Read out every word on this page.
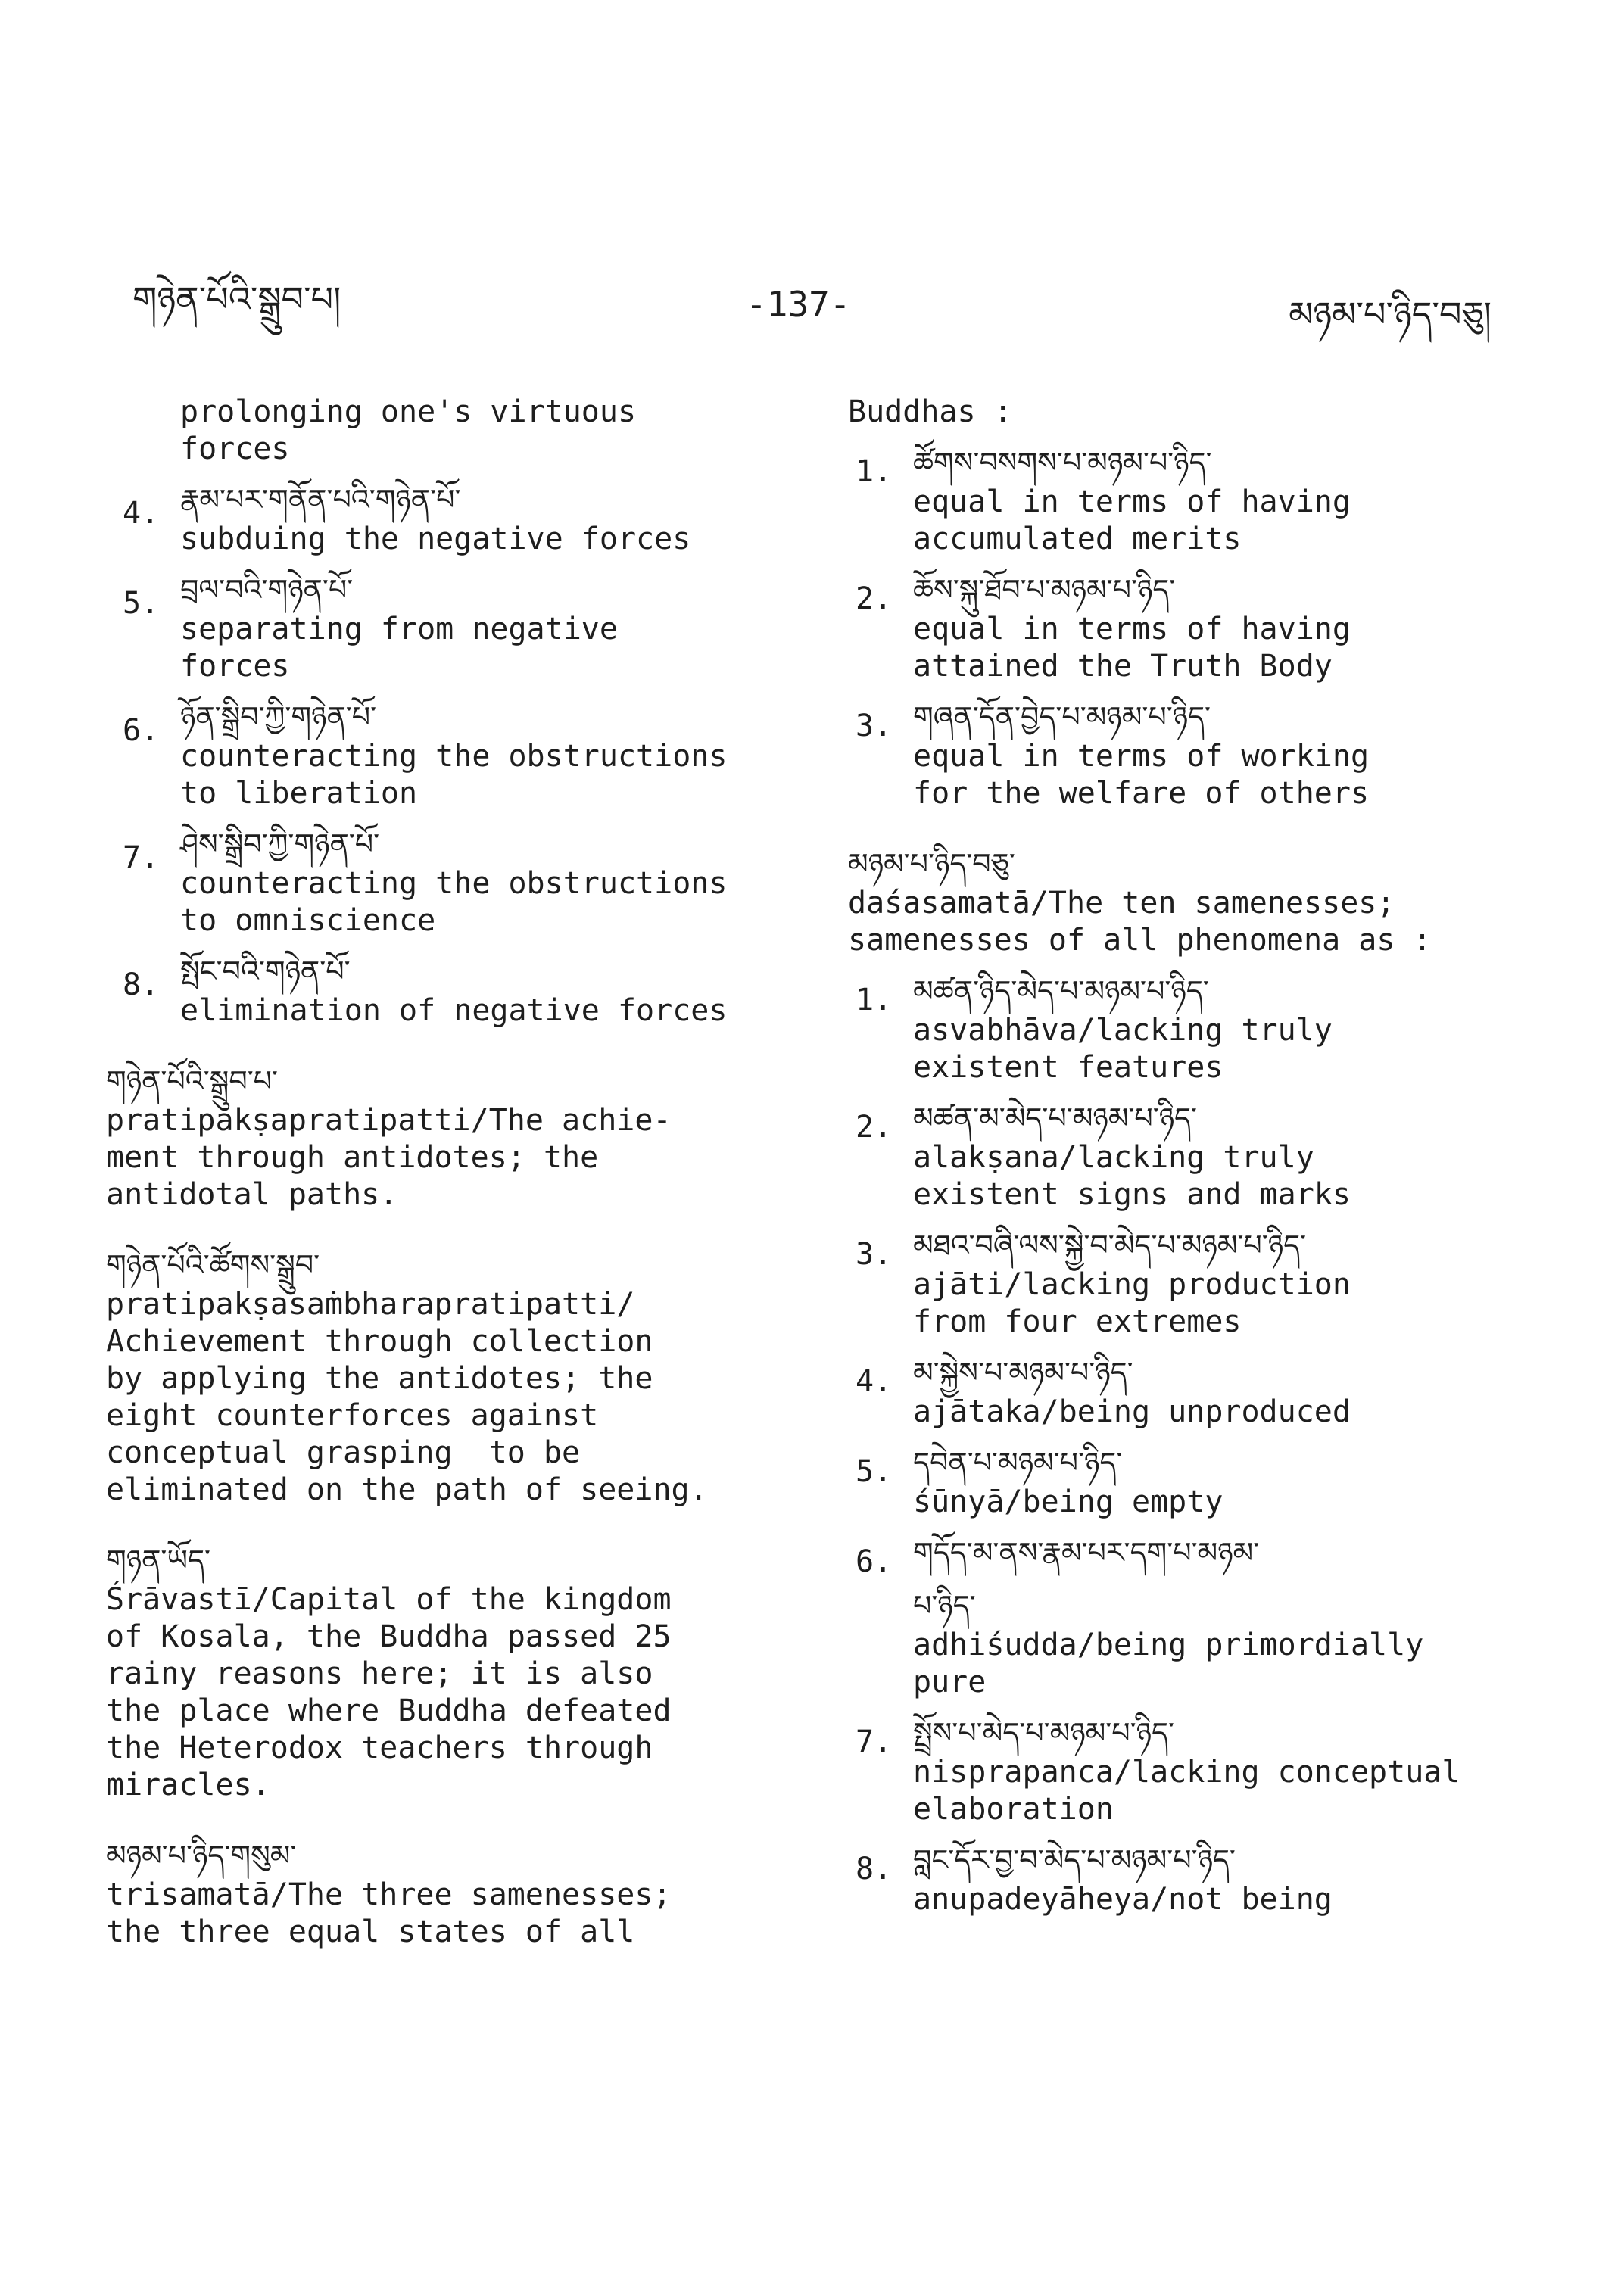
གཉེན་པོའི་སྒྲུབ་པ།	-137-	མཉམ་པ་ཉིད་བཅུ།
prolonging one's virtuous
forces
4. རྣམ་པར་གནོན་པའི་གཉེན་པོ་
subduing the negative forces
5. བྲལ་བའི་གཉེན་པོ་
separating from negative
forces
6. ཉོན་སྒྲིབ་ཀྱི་གཉེན་པོ་
counteracting the obstructions
to liberation
7. ཤེས་སྒྲིབ་ཀྱི་གཉེན་པོ་
counteracting the obstructions
to omniscience
8. སྤོང་བའི་གཉེན་པོ་
elimination of negative forces
གཉེན་པོའི་སྒྲུབ་པ་
pratipakṣapratipatti/The achie-
ment through antidotes; the
antidotal paths.
གཉེན་པོའི་ཚོགས་སྒྲུབ་
pratipakṣasaṁbharapratipatti/
Achievement through collection
by applying the antidotes; the
eight counterforces against
conceptual grasping  to be
eliminated on the path of seeing.
གཉན་ཡོད་
Śrāvastī/Capital of the kingdom
of Kosala, the Buddha passed 25
rainy reasons here; it is also
the place where Buddha defeated
the Heterodox teachers through
miracles.
མཉམ་པ་ཉིད་གསུམ་
trisamatā/The three samenesses;
the three equal states of all
Buddhas :
1. ཚོགས་བསགས་པ་མཉམ་པ་ཉིད་
equal in terms of having
accumulated merits
2. ཆོས་སྐུ་ཐོབ་པ་མཉམ་པ་ཉིད་
equal in terms of having
attained the Truth Body
3. གཞན་དོན་བྱེད་པ་མཉམ་པ་ཉིད་
equal in terms of working
for the welfare of others
མཉམ་པ་ཉིད་བཅུ་
daśasamatā/The ten samenesses;
samenesses of all phenomena as :
1. མཚན་ཉིད་མེད་པ་མཉམ་པ་ཉིད་
asvabhāva/lacking truly
existent features
2. མཚན་མ་མེད་པ་མཉམ་པ་ཉིད་
alakṣana/lacking truly
existent signs and marks
3. མཐའ་བཞི་ལས་སྐྱེ་བ་མེད་པ་མཉམ་པ་ཉིད་
ajāti/lacking production
from four extremes
4. མ་སྐྱེས་པ་མཉམ་པ་ཉིད་
ajātaka/being unproduced
5. དབེན་པ་མཉམ་པ་ཉིད་
śūnyā/being empty
6. གདོད་མ་ནས་རྣམ་པར་དག་པ་མཉམ་
པ་ཉིད་
adhiśudda/being primordially
pure
7. སྤྲོས་པ་མེད་པ་མཉམ་པ་ཉིད་
nisprapanca/lacking conceptual
elaboration
8. བླང་དོར་བྱ་བ་མེད་པ་མཉམ་པ་ཉིད་
anupadeyāheya/not being
